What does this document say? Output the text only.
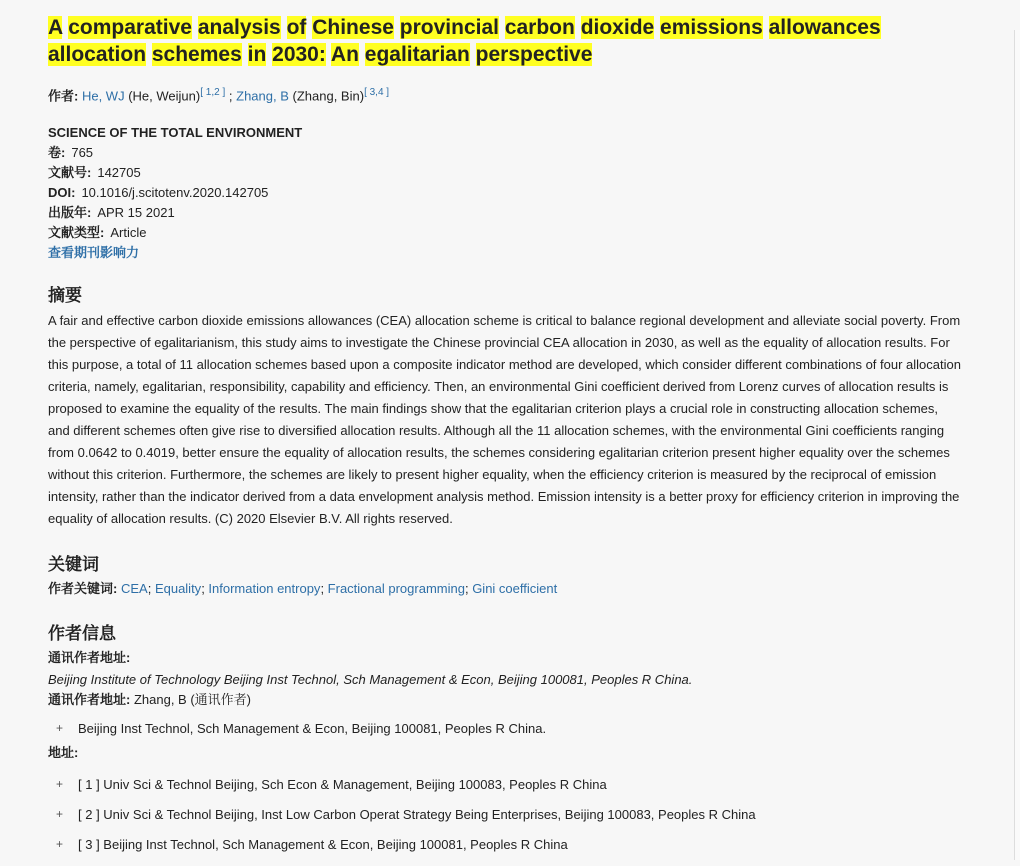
A comparative analysis of Chinese provincial carbon dioxide emissions allowances allocation schemes in 2030: An egalitarian perspective
作者: He, WJ (He, Weijun)[ 1,2 ] ; Zhang, B (Zhang, Bin)[ 3,4 ]
SCIENCE OF THE TOTAL ENVIRONMENT
卷: 765
文献号: 142705
DOI: 10.1016/j.scitotenv.2020.142705
出版年: APR 15 2021
文献类型: Article
查看期刊影响力
摘要

A fair and effective carbon dioxide emissions allowances (CEA) allocation scheme is critical to balance regional development and alleviate social poverty. From the perspective of egalitarianism, this study aims to investigate the Chinese provincial CEA allocation in 2030, as well as the equality of allocation results. For this purpose, a total of 11 allocation schemes based upon a composite indicator method are developed, which consider different combinations of four allocation criteria, namely, egalitarian, responsibility, capability and efficiency. Then, an environmental Gini coefficient derived from Lorenz curves of allocation results is proposed to examine the equality of the results. The main findings show that the egalitarian criterion plays a crucial role in constructing allocation schemes, and different schemes often give rise to diversified allocation results. Although all the 11 allocation schemes, with the environmental Gini coefficients ranging from 0.0642 to 0.4019, better ensure the equality of allocation results, the schemes considering egalitarian criterion present higher equality over the schemes without this criterion. Furthermore, the schemes are likely to present higher equality, when the efficiency criterion is measured by the reciprocal of emission intensity, rather than the indicator derived from a data envelopment analysis method. Emission intensity is a better proxy for efficiency criterion in improving the equality of allocation results. (C) 2020 Elsevier B.V. All rights reserved.

关键词
作者关键词: CEA; Equality; Information entropy; Fractional programming; Gini coefficient
作者信息
通讯作者地址:
Beijing Institute of Technology Beijing Inst Technol, Sch Management & Econ, Beijing 100081, Peoples R China.
通讯作者地址: Zhang, B (通讯作者)
+ Beijing Inst Technol, Sch Management & Econ, Beijing 100081, Peoples R China.
地址:
+ [ 1 ] Univ Sci & Technol Beijing, Sch Econ & Management, Beijing 100083, Peoples R China
+ [ 2 ] Univ Sci & Technol Beijing, Inst Low Carbon Operat Strategy Being Enterprises, Beijing 100083, Peoples R China
+ [ 3 ] Beijing Inst Technol, Sch Management & Econ, Beijing 100081, Peoples R China
